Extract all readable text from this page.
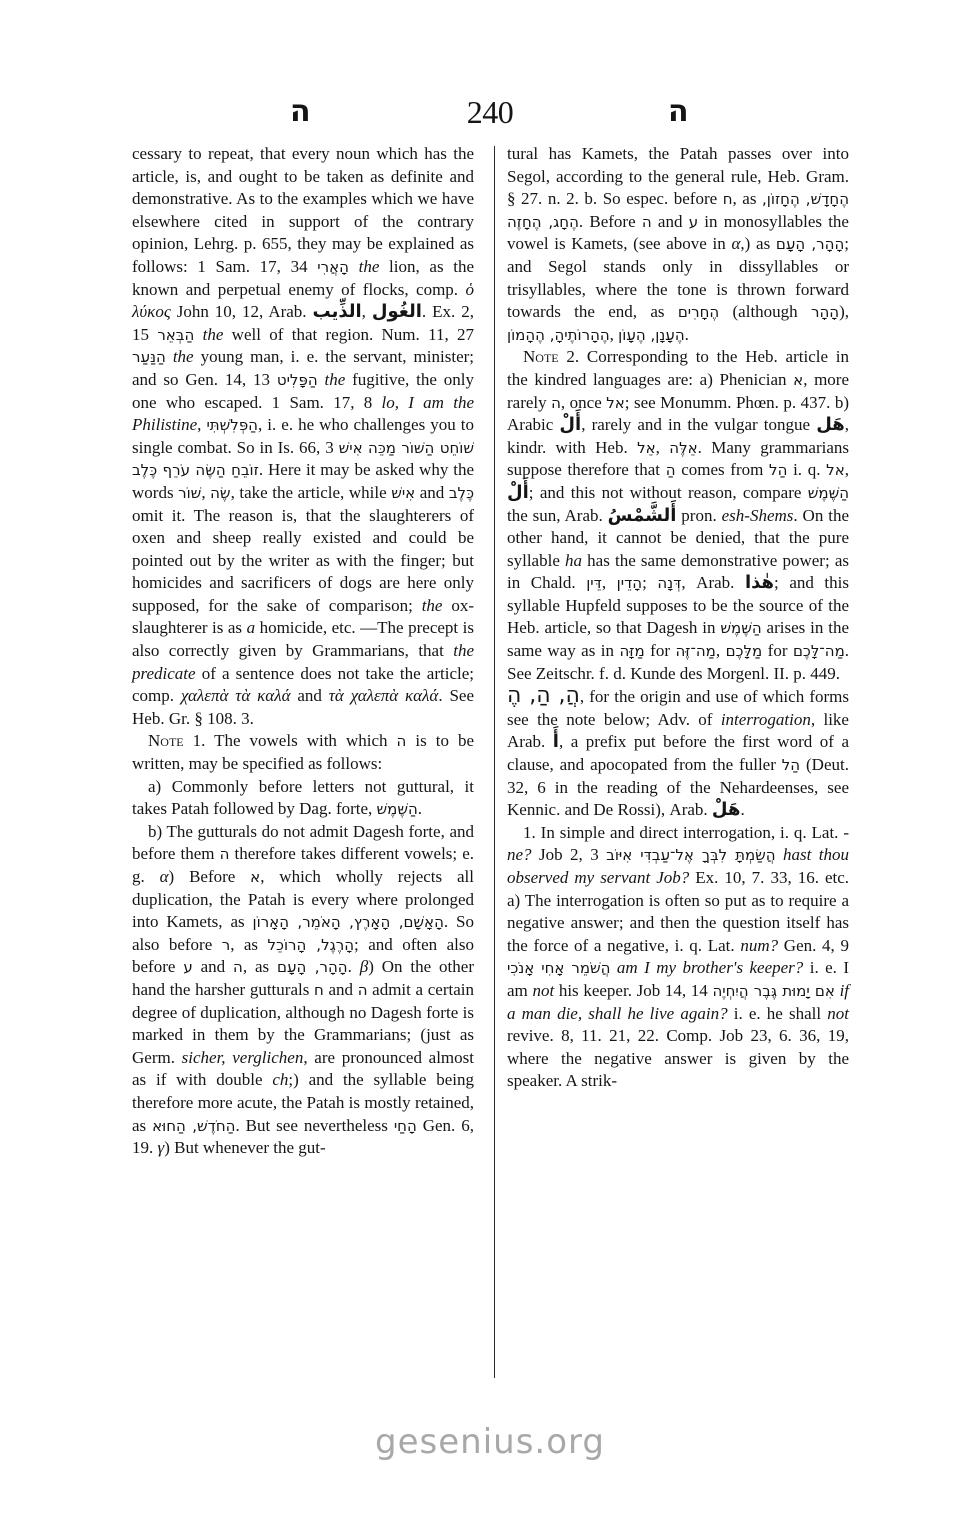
ה	240	ה

cessary to repeat, that every noun which has the article, is, and ought to be taken as definite and demonstrative. As to the examples which we have elsewhere cited in support of the contrary opinion, Lehrg. p. 655, they may be explained as follows: 1 Sam. 17, 34 הָאֲרִי the lion, as the known and perpetual enemy of flocks, comp. ὁ λύκος John 10, 12, Arab. الذِّيب, الغُول. Ex. 2, 15 הַבְּאֵר the well of that region. Num. 11, 27 הַנַּעַר the young man, i. e. the servant, minister; and so Gen. 14, 13 הַפָּלִיט the fugitive, the only one who escaped. 1 Sam. 17, 8 lo, I am the Philistine, הַפְּלִשְׁתִּי, i. e. he who challenges you to single combat. So in Is. 66, 3 שׁוֹחֵט הַשּׁוֹר מַכֵּה אִישׁ זוֹבֵחַ הַשֶּׂה עֹרֵף כֶּלֶב. Here it may be asked why the words שׁוֹר, שֶׂה, take the article, while אִישׁ and כֶּלֶב omit it. The reason is, that the slaughterers of oxen and sheep really existed and could be pointed out by the writer as with the finger; but homicides and sacrificers of dogs are here only supposed, for the sake of comparison; the ox-slaughterer is as a homicide, etc. —The precept is also correctly given by Grammarians, that the predicate of a sentence does not take the article; comp. χαλεπὰ τὰ καλά and τὰ χαλεπὰ καλά. See Heb. Gr. § 108. 3.

Note 1. The vowels with which ה is to be written, may be specified as follows:

a) Commonly before letters not guttural, it takes Patah followed by Dag. forte, הַשֶּׁמֶשׁ.

b) The gutturals do not admit Dagesh forte, and before them ה therefore takes different vowels; e. g. α) Before א, which wholly rejects all duplication, the Patah is every where prolonged into Kamets, as הָאָשָׁם, הָאָרֶץ, הָאֹמֵר, הָאָרוֹן. So also before ר, as הָרֶגֶל, הָרוֹכֵל; and often also before ע and ה, as הָהָר, הָעָם. β) On the other hand the harsher gutturals ח and ה admit a certain degree of duplication, although no Dagesh forte is marked in them by the Grammarians; (just as Germ. sicher, verglichen, are pronounced almost as if with double ch;) and the syllable being therefore more acute, the Patah is mostly retained, as הַחֹדֶשׁ, הַחוּא. But see nevertheless הָחַי Gen. 6, 19. γ) But whenever the gut-

tural has Kamets, the Patah passes over into Segol, according to the general rule, Heb. Gram. § 27. n. 2. b. So espec. before ח, as הֶחָדָשׁ, הֶחָזוֹן, הֶחָג, הֶחָזֶה. Before ה and ע in monosyllables the vowel is Kamets, (see above in α,) as הָהָר, הָעָם; and Segol stands only in dissyllables or trisyllables, where the tone is thrown forward towards the end, as הֶחָרִים (although הָהָר), הֶהָרוֹתֶיהָ, הֶהָמוֹן, הֶעָנָן, הֶעָוֹן.

Note 2. Corresponding to the Heb. article in the kindred languages are: a) Phenician א, more rarely ה, once אל; see Monumm. Phœn. p. 437. b) Arabic أَلْ, rarely and in the vulgar tongue هَل, kindr. with Heb. אֵל, אֵלֶּה. Many grammarians suppose therefore that הַ comes from הַל i. q. אל, أَلْ; and this not without reason, compare הַשֶּׁמֶשׁ the sun, Arab. أَلشَّمْسُ pron. esh-Shems. On the other hand, it cannot be denied, that the pure syllable ha has the same demonstrative power; as in Chald. דֵּין, הָדֵין; דְּנָה, Arab. هٰذا; and this syllable Hupfeld supposes to be the source of the Heb. article, so that Dagesh in הַשֶּׁמֶשׁ arises in the same way as in מַזָּה for מַה־זֶּה, מַלָּכֶם for מַה־לָּכֶם. See Zeitschr. f. d. Kunde des Morgenl. II. p. 449.

הֲ, הַ, הֶ, for the origin and use of which forms see the note below; Adv. of interrogation, like Arab. أَ, a prefix put before the first word of a clause, and apocopated from the fuller הַל (Deut. 32, 6 in the reading of the Nehardeenses, see Kennic. and De Rossi), Arab. هَلْ.

1. In simple and direct interrogation, i. q. Lat. -ne? Job 2, 3 הֲשַׂמְתָּ לִבְּךָ אֶל־עַבְדִּי אִיּוֹב hast thou observed my servant Job? Ex. 10, 7. 33, 16. etc. a) The interrogation is often so put as to require a negative answer; and then the question itself has the force of a negative, i. q. Lat. num? Gen. 4, 9 הֲשֹׁמֵר אָחִי אָנֹכִי am I my brother's keeper? i. e. I am not his keeper. Job 14, 14 אִם יָמוּת גֶּבֶר הֲיִחְיֶה if a man die, shall he live again? i. e. he shall not revive. 8, 11. 21, 22. Comp. Job 23, 6. 36, 19, where the negative answer is given by the speaker. A strik-

gesenius.org
